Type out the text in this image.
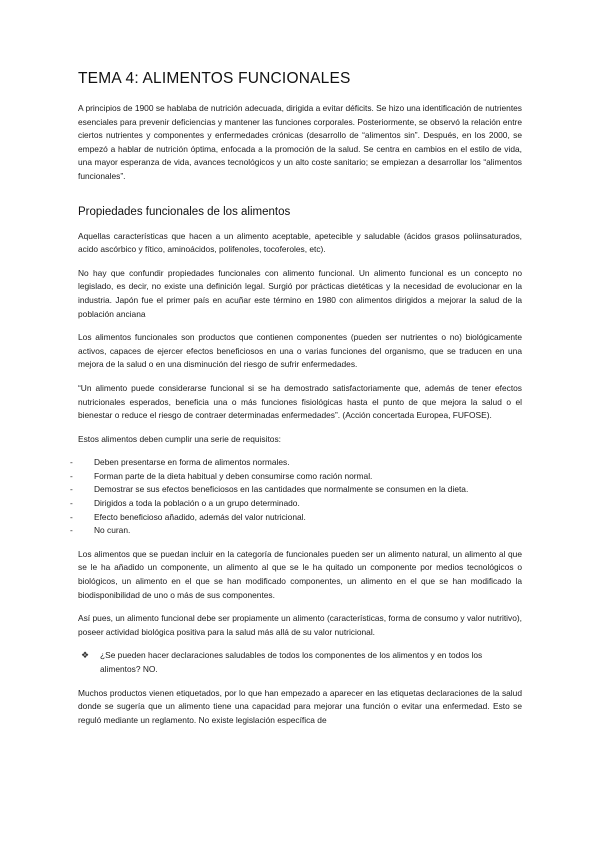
TEMA 4: ALIMENTOS FUNCIONALES

A principios de 1900 se hablaba de nutrición adecuada, dirigida a evitar déficits. Se hizo una identificación de nutrientes esenciales para prevenir deficiencias y mantener las funciones corporales. Posteriormente, se observó la relación entre ciertos nutrientes y componentes y enfermedades crónicas (desarrollo de “alimentos sin”. Después, en los 2000, se empezó a hablar de nutrición óptima, enfocada a la promoción de la salud. Se centra en cambios en el estilo de vida, una mayor esperanza de vida, avances tecnológicos y un alto coste sanitario; se empiezan a desarrollar los “alimentos funcionales”.

Propiedades funcionales de los alimentos

Aquellas características que hacen a un alimento aceptable, apetecible y saludable (ácidos grasos poliinsaturados, acido ascórbico y fítico, aminoácidos, polifenoles, tocoferoles, etc).

No hay que confundir propiedades funcionales con alimento funcional. Un alimento funcional es un concepto no legislado, es decir, no existe una definición legal. Surgió por prácticas dietéticas y la necesidad de evolucionar en la industria. Japón fue el primer país en acuñar este término en 1980 con alimentos dirigidos a mejorar la salud de la población anciana

Los alimentos funcionales son productos que contienen componentes (pueden ser nutrientes o no) biológicamente activos, capaces de ejercer efectos beneficiosos en una o varias funciones del organismo, que se traducen en una mejora de la salud o en una disminución del riesgo de sufrir enfermedades.

“Un alimento puede considerarse funcional si se ha demostrado satisfactoriamente que, además de tener efectos nutricionales esperados, beneficia una o más funciones fisiológicas hasta el punto de que mejora la salud o el bienestar o reduce el riesgo de contraer determinadas enfermedades”. (Acción concertada Europea, FUFOSE).

Estos alimentos deben cumplir una serie de requisitos:

-	Deben presentarse en forma de alimentos normales.
-	Forman parte de la dieta habitual y deben consumirse como ración normal.
-	Demostrar se sus efectos beneficiosos en las cantidades que normalmente se consumen en la dieta.
-	Dirigidos a toda la población o a un grupo determinado.
-	Efecto beneficioso añadido, además del valor nutricional.
-	No curan.

Los alimentos que se puedan incluir en la categoría de funcionales pueden ser un alimento natural, un alimento al que se le ha añadido un componente, un alimento al que se le ha quitado un componente por medios tecnológicos o biológicos, un alimento en el que se han modificado componentes, un alimento en el que se han modificado la biodisponibilidad de uno o más de sus componentes.

Así pues, un alimento funcional debe ser propiamente un alimento (características, forma de consumo y valor nutritivo), poseer actividad biológica positiva para la salud más allá de su valor nutricional.

❖ ¿Se pueden hacer declaraciones saludables de todos los componentes de los alimentos y en todos los alimentos? NO.

Muchos productos vienen etiquetados, por lo que han empezado a aparecer en las etiquetas declaraciones de la salud donde se sugería que un alimento tiene una capacidad para mejorar una función o evitar una enfermedad. Esto se reguló mediante un reglamento. No existe legislación específica de
